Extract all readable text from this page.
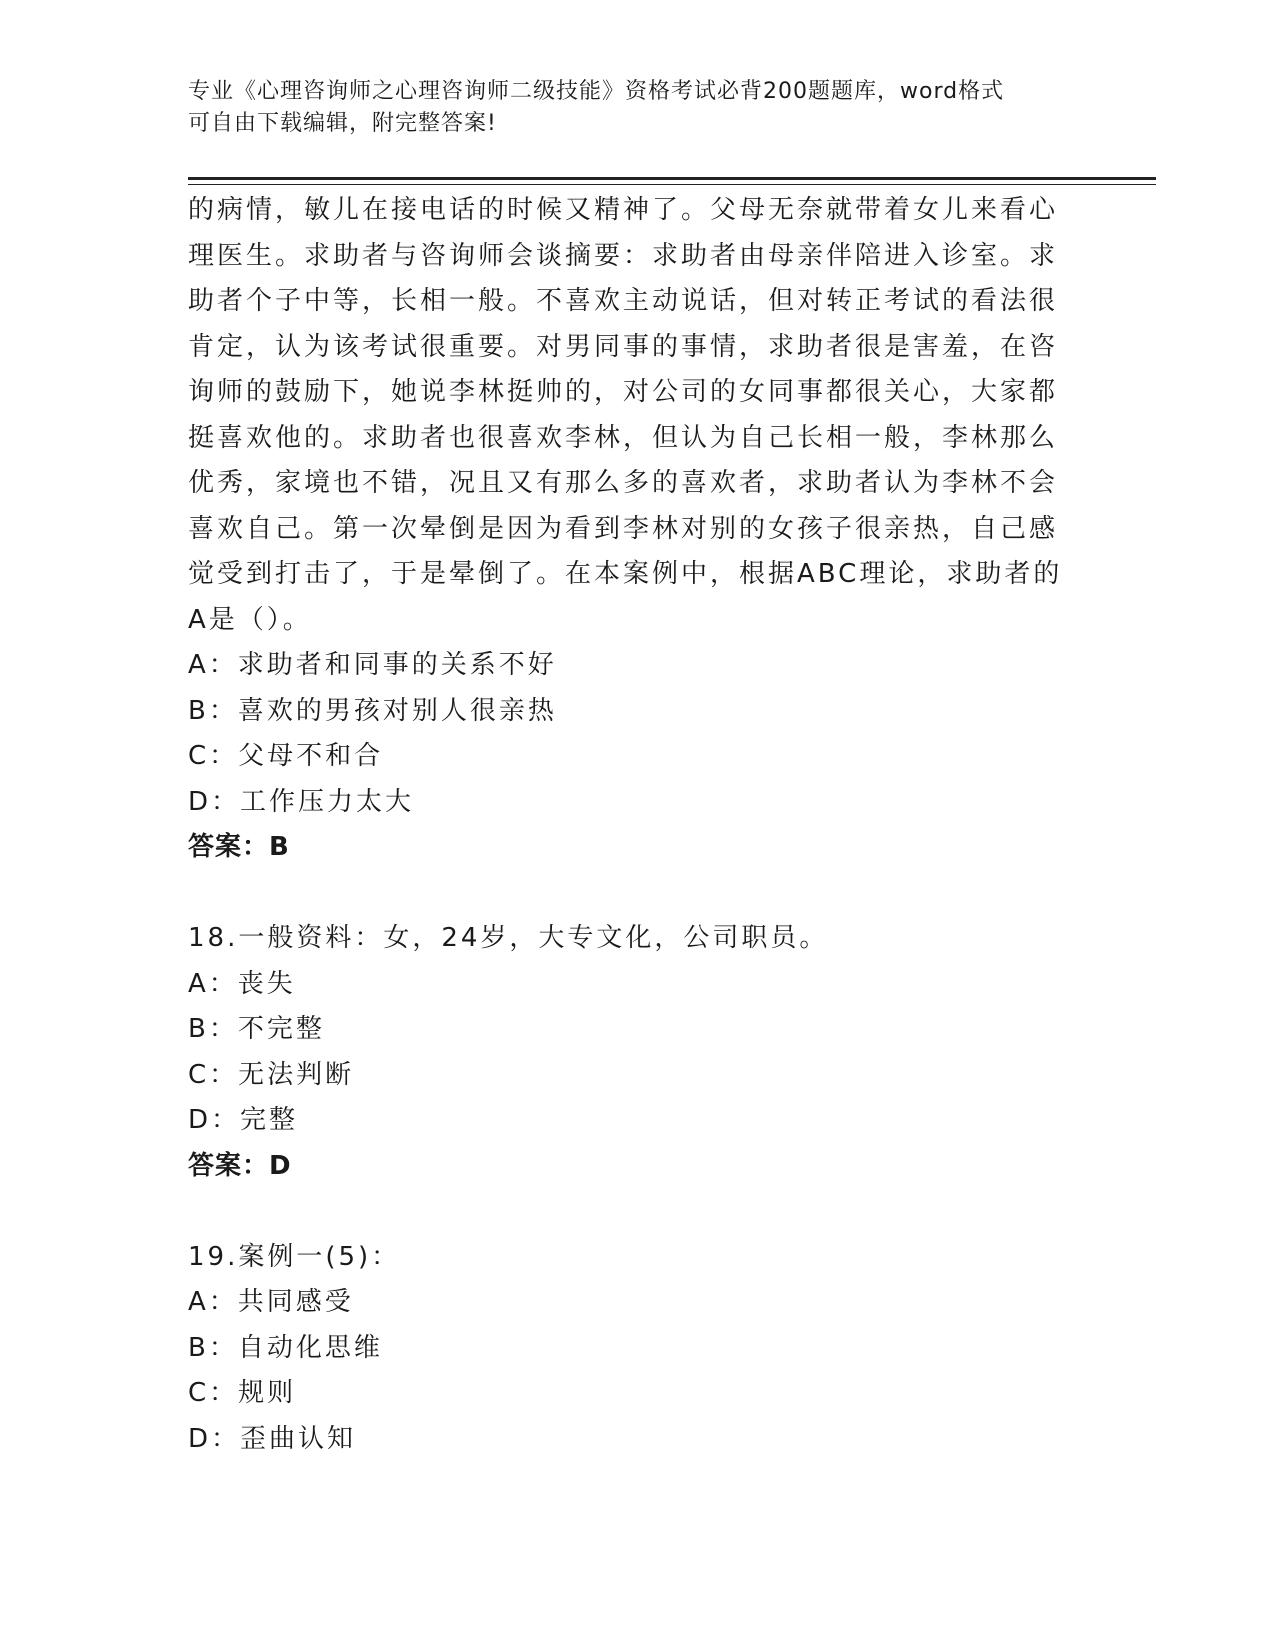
专业《心理咨询师之心理咨询师二级技能》资格考试必背200题题库，word格式
可自由下载编辑，附完整答案!

的病情，敏儿在接电话的时候又精神了。父母无奈就带着女儿来看心

理医生。求助者与咨询师会谈摘要：求助者由母亲伴陪进入诊室。求

助者个子中等，长相一般。不喜欢主动说话，但对转正考试的看法很

肯定，认为该考试很重要。对男同事的事情，求助者很是害羞，在咨

询师的鼓励下，她说李林挺帅的，对公司的女同事都很关心，大家都

挺喜欢他的。求助者也很喜欢李林，但认为自己长相一般，李林那么

优秀，家境也不错，况且又有那么多的喜欢者，求助者认为李林不会

喜欢自己。第一次晕倒是因为看到李林对别的女孩子很亲热，自己感

觉受到打击了，于是晕倒了。在本案例中，根据ABC理论，求助者的

A是（）。

A：求助者和同事的关系不好

B：喜欢的男孩对别人很亲热

C：父母不和合

D：工作压力太大

答案：B

18.一般资料：女，24岁，大专文化，公司职员。

A：丧失

B：不完整

C：无法判断

D：完整

答案：D

19.案例一(5)：

A：共同感受

B：自动化思维

C：规则

D：歪曲认知
